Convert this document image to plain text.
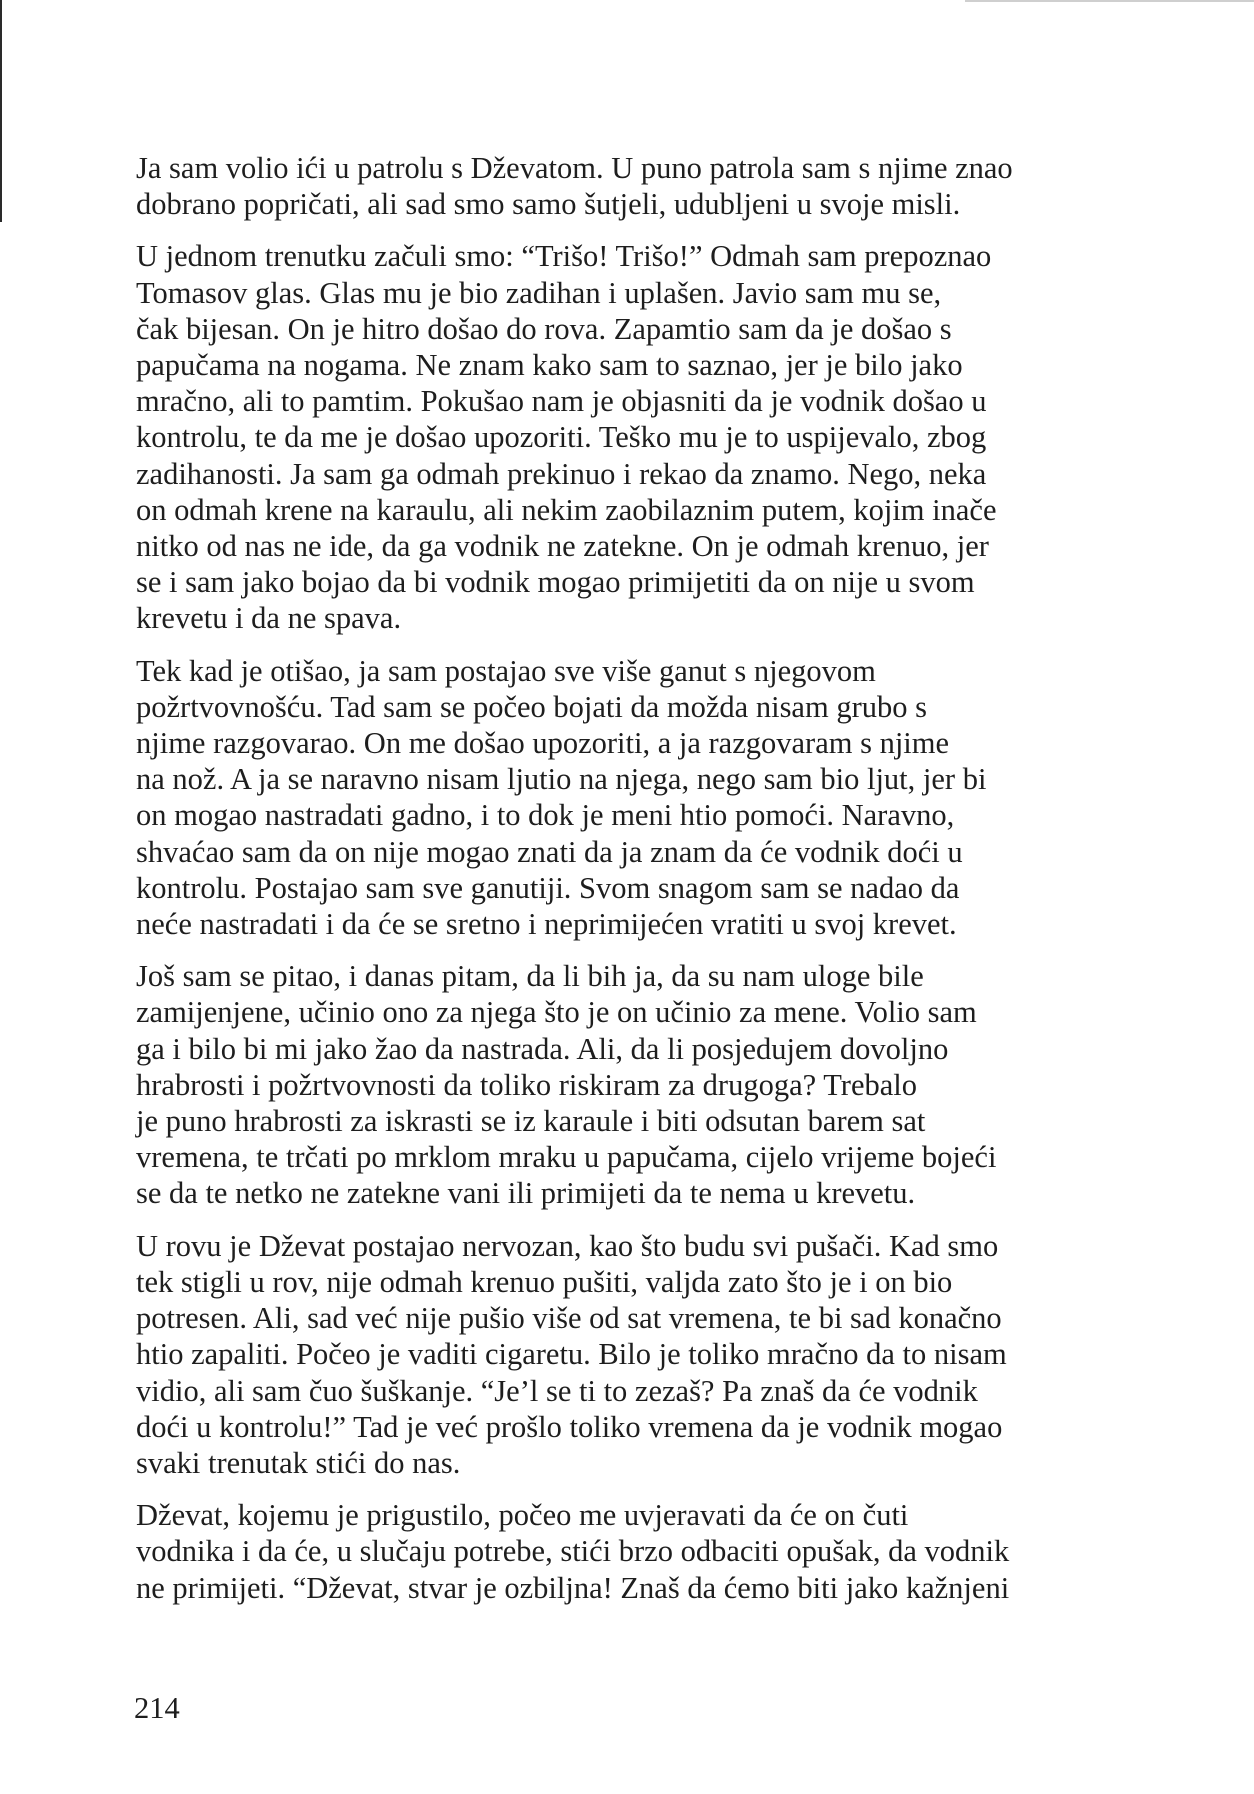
Ja sam volio ići u patrolu s Dževatom. U puno patrola sam s njime znao
dobrano popričati, ali sad smo samo šutjeli, udubljeni u svoje misli.

U jednom trenutku začuli smo: “Trišo! Trišo!” Odmah sam prepoznao
Tomasov glas. Glas mu je bio zadihan i uplašen. Javio sam mu se,
čak bijesan. On je hitro došao do rova. Zapamtio sam da je došao s
papučama na nogama. Ne znam kako sam to saznao, jer je bilo jako
mračno, ali to pamtim. Pokušao nam je objasniti da je vodnik došao u
kontrolu, te da me je došao upozoriti. Teško mu je to uspijevalo, zbog
zadihanosti. Ja sam ga odmah prekinuo i rekao da znamo. Nego, neka
on odmah krene na karaulu, ali nekim zaobilaznim putem, kojim inače
nitko od nas ne ide, da ga vodnik ne zatekne. On je odmah krenuo, jer
se i sam jako bojao da bi vodnik mogao primijetiti da on nije u svom
krevetu i da ne spava.

Tek kad je otišao, ja sam postajao sve više ganut s njegovom
požrtvovnošću. Tad sam se počeo bojati da možda nisam grubo s
njime razgovarao. On me došao upozoriti, a ja razgovaram s njime
na nož. A ja se naravno nisam ljutio na njega, nego sam bio ljut, jer bi
on mogao nastradati gadno, i to dok je meni htio pomoći. Naravno,
shvaćao sam da on nije mogao znati da ja znam da će vodnik doći u
kontrolu. Postajao sam sve ganutiji. Svom snagom sam se nadao da
neće nastradati i da će se sretno i neprimijećen vratiti u svoj krevet.

Još sam se pitao, i danas pitam, da li bih ja, da su nam uloge bile
zamijenjene, učinio ono za njega što je on učinio za mene. Volio sam
ga i bilo bi mi jako žao da nastrada. Ali, da li posjedujem dovoljno
hrabrosti i požrtvovnosti da toliko riskiram za drugoga? Trebalo
je puno hrabrosti za iskrasti se iz karaule i biti odsutan barem sat
vremena, te trčati po mrklom mraku u papučama, cijelo vrijeme bojeći
se da te netko ne zatekne vani ili primijeti da te nema u krevetu.

U rovu je Dževat postajao nervozan, kao što budu svi pušači. Kad smo
tek stigli u rov, nije odmah krenuo pušiti, valjda zato što je i on bio
potresen. Ali, sad već nije pušio više od sat vremena, te bi sad konačno
htio zapaliti. Počeo je vaditi cigaretu. Bilo je toliko mračno da to nisam
vidio, ali sam čuo šuškanje. “Je’l se ti to zezaš? Pa znaš da će vodnik
doći u kontrolu!” Tad je već prošlo toliko vremena da je vodnik mogao
svaki trenutak stići do nas.

Dževat, kojemu je prigustilo, počeo me uvjeravati da će on čuti
vodnika i da će, u slučaju potrebe, stići brzo odbaciti opušak, da vodnik
ne primijeti. “Dževat, stvar je ozbiljna! Znaš da ćemo biti jako kažnjeni

214
